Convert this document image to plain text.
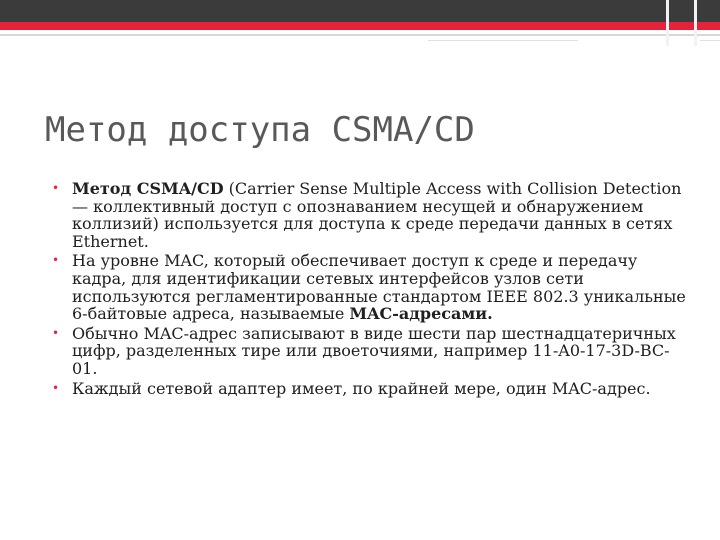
Метод доступа CSMA/CD
• Метод CSMA/CD (Carrier Sense Multiple Access with Collision Detection — коллективный доступ с опознаванием несущей и обнаружением коллизий) используется для доступа к среде передачи данных в сетях Ethernet.
• На уровне MAC, который обеспечивает доступ к среде и передачу кадра, для идентификации сетевых интерфейсов узлов сети используются регламентированные стандартом IEEE 802.3 уникальные 6-байтовые адреса, называемые MAC-адресами.
• Обычно MAC-адрес записывают в виде шести пар шестнадцатеричных цифр, разделенных тире или двоеточиями, например 11-A0-17-3D-BC-01.
• Каждый сетевой адаптер имеет, по крайней мере, один MAC-адрес.
